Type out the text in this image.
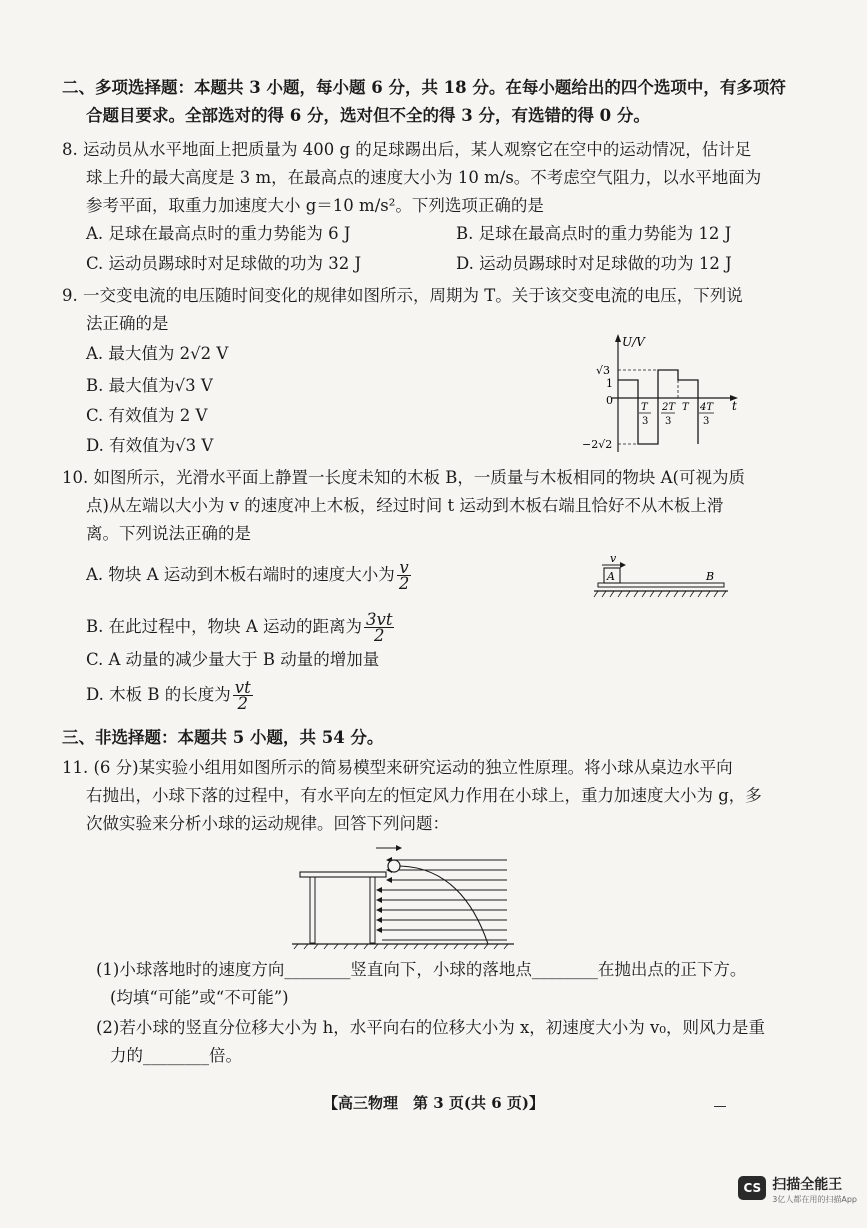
二、多项选择题：本题共 3 小题，每小题 6 分，共 18 分。在每小题给出的四个选项中，有多项符
合题目要求。全部选对的得 6 分，选对但不全的得 3 分，有选错的得 0 分。
8. 运动员从水平地面上把质量为 400 g 的足球踢出后，某人观察它在空中的运动情况，估计足
球上升的最大高度是 3 m，在最高点的速度大小为 10 m/s。不考虑空气阻力，以水平地面为
参考平面，取重力加速度大小 g＝10 m/s²。下列选项正确的是
A. 足球在最高点时的重力势能为 6 J	B. 足球在最高点时的重力势能为 12 J
C. 运动员踢球时对足球做的功为 32 J	D. 运动员踢球时对足球做的功为 12 J
9. 一交变电流的电压随时间变化的规律如图所示，周期为 T。关于该交变电流的电压，下列说
法正确的是
A. 最大值为 2√2 V
B. 最大值为√3 V
C. 有效值为 2 V
D. 有效值为√3 V
U/V
t
√3
1
0
−2√2
T
3
2T
3
T 4T
3
10. 如图所示，光滑水平面上静置一长度未知的木板 B，一质量与木板相同的物块 A(可视为质
点)从左端以大小为 v 的速度冲上木板，经过时间 t 运动到木板右端且恰好不从木板上滑
离。下列说法正确的是
A. 物块 A 运动到木板右端时的速度大小为 $\frac{v}{2}$
B. 在此过程中，物块 A 运动的距离为 $\frac{3vt}{2}$
C. A 动量的减少量大于 B 动量的增加量
D. 木板 B 的长度为 $\frac{vt}{2}$
v
A	B
三、非选择题：本题共 5 小题，共 54 分。
11. (6 分)某实验小组用如图所示的简易模型来研究运动的独立性原理。将小球从桌边水平向
右抛出，小球下落的过程中，有水平向左的恒定风力作用在小球上，重力加速度大小为 g，多
次做实验来分析小球的运动规律。回答下列问题：
(1)小球落地时的速度方向________竖直向下，小球的落地点________在抛出点的正下方。
(均填“可能”或“不可能”)
(2)若小球的竖直分位移大小为 h，水平向右的位移大小为 x，初速度大小为 v₀，则风力是重
力的________倍。
【高三物理　第 3 页(共 6 页)】
CS 扫描全能王
3亿人都在用的扫描App
